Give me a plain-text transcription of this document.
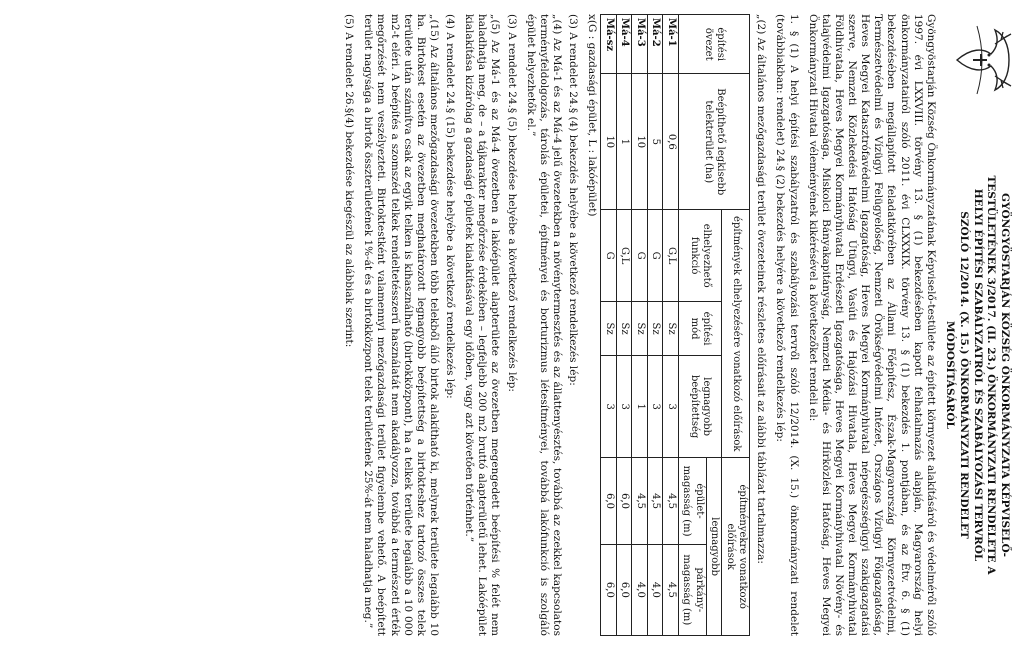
GYÖNGYÖSTARJÁN KÖZSÉG ÖNKORMÁNYZATA KÉPVISELŐ-
TESTÜLETÉNEK 3/2017. (II. 23.) ÖNKORMÁNYZATI RENDELETE A
HELYI ÉPÍTÉSI SZABÁLYZATRÓL ÉS SZABÁLYOZÁSI TERVRŐL
SZÓLÓ 12/2014. (X. 15.) ÖNKORMÁNYZATI RENDELET
MÓDOSÍTÁSÁRÓL

Gyöngyöstarján Község Önkormányzatának Képviselő-testülete az épített környezet alakításáról és védelméről szóló 1997. évi LXXVIII. törvény 13. § (1) bekezdésében kapott felhatalmazás alapján, Magyarország helyi önkormányzatairól szóló 2011. évi CLXXXIX. törvény 13. § (1) bekezdés 1. pontjában, és az Étv. 6. § (1) bekezdésében megállapított feladatkörében az Állami Főépítész, Észak-Magyarország Környezetvédelmi, Természetvédelmi és Vízügyi Felügyelőség, Nemzeti Örökségvédelmi Intézet, Országos Vízügyi Főigazgatóság, Heves Megyei Katasztrófavédelmi Igazgatóság, Heves Megyei Kormányhivatal népegészségügyi szakigazgatási szerve, Nemzeti Közlekedési Hatóság Útügyi, Vasúti és Hajózási Hivatala, Heves Megyei Kormányhivatal Földhivatala, Heves Megyei Kormányhivatal Erdészeti Igazgatósága, Heves Megyei Kormányhivatal Növény- és talajvédelmi Igazgatósága, Miskolci Bányakapitányság, Nemzeti Média- és Hírközlési Hatóság, Heves Megyei Önkormányzati Hivatal véleményének kikérésével a következőket rendeli el:

1. § (1) A helyi építési szabályzatról és szabályozási tervről szóló 12/2014. (X. 15.) önkormányzati rendelet (továbbiakban: rendelet) 24.§ (2) bekezdés helyére a következő rendelkezés lép:

„(2) Az általános mezőgazdasági terület övezeteinek részletes előírásait az alábbi táblázat tartalmazza:

építési övezet	Beépíthető legkisebb telekterület (ha)	építmények elhelyezésére vonatkozó előírások			építményekre vonatkozó előírások	
		elhelyezhető funkció	építési mód	legnagyobb beépítettség	legnagyobb	
					épület-magasság (m)	párkány-magasság (m)
Má-1	0,6	G,L	Sz	3	4,5	4,5
Má-2	5	G	Sz	3	4,5	4,0
Má-3	10	G	Sz	1	4,5	4,0
Má-4	1	G,L	Sz	3	6,0	6,0
Má-sz	10	G	Sz	3	6,0	6,0

x(G : gazdasági épület, L : lakóépület)

(3) A rendelet 24.§ (4) bekezdés helyébe a következő rendelkezés lép:

„(4) Az Má-1 és az Má-4 jelű övezetekben a növénytermesztés és az állattenyésztés, továbbá az ezekkel kapcsolatos terményfeldolgozás, tárolás épületei, építményei és borturizmus létesítményei, továbbá lakófunkció is szolgáló épület helyezhetők el.”

(3) A rendelet 24.§ (5) bekezdése helyébe a következő rendelkezés lép:

„(5) Az Má-1 és az Má-4 övezetben a lakóépület alapterülete az övezetben megengedett beépítési % felét nem haladhatja meg, de – a tájkarakter megőrzése érdekében – legfeljebb 200 m2 bruttó alapterületű lehet. Lakóépület kialakítása kizárólag a gazdasági épületek kialakításával egy időben, vagy azt követően történhet.”

(4) A rendelet 24.§ (15) bekezdése helyébe a következő rendelkezés lép:

„(15) Az általános mezőgazdasági övezetekben több telekből álló birtok alakítható ki, melynek területe legalább 10 ha. Birtokest esetén az övezetben meghatározott legnagyobb beépítettség a birtokteshez tartozó összes telek területe után számítva csak az egyik telken is kihasználható (birtokközpont), ha a telkek területe legalább a 10 000 m2-t eléri. A beépítés a szomszéd telkek rendeltetésszerű használatát nem akadályozza, továbbá a természeti érték megőrzését nem veszélyezteti. Birtoktestként valamennyi mezőgazdasági terület figyelembe vehető. A beépített terület nagysága a birtok összterületének 1%-át és a birtokközpont telek területének 25%-át nem haladhatja meg.”

(5) A rendelet 26.§(4) bekezdése kiegészül az alábbiak szerint:
